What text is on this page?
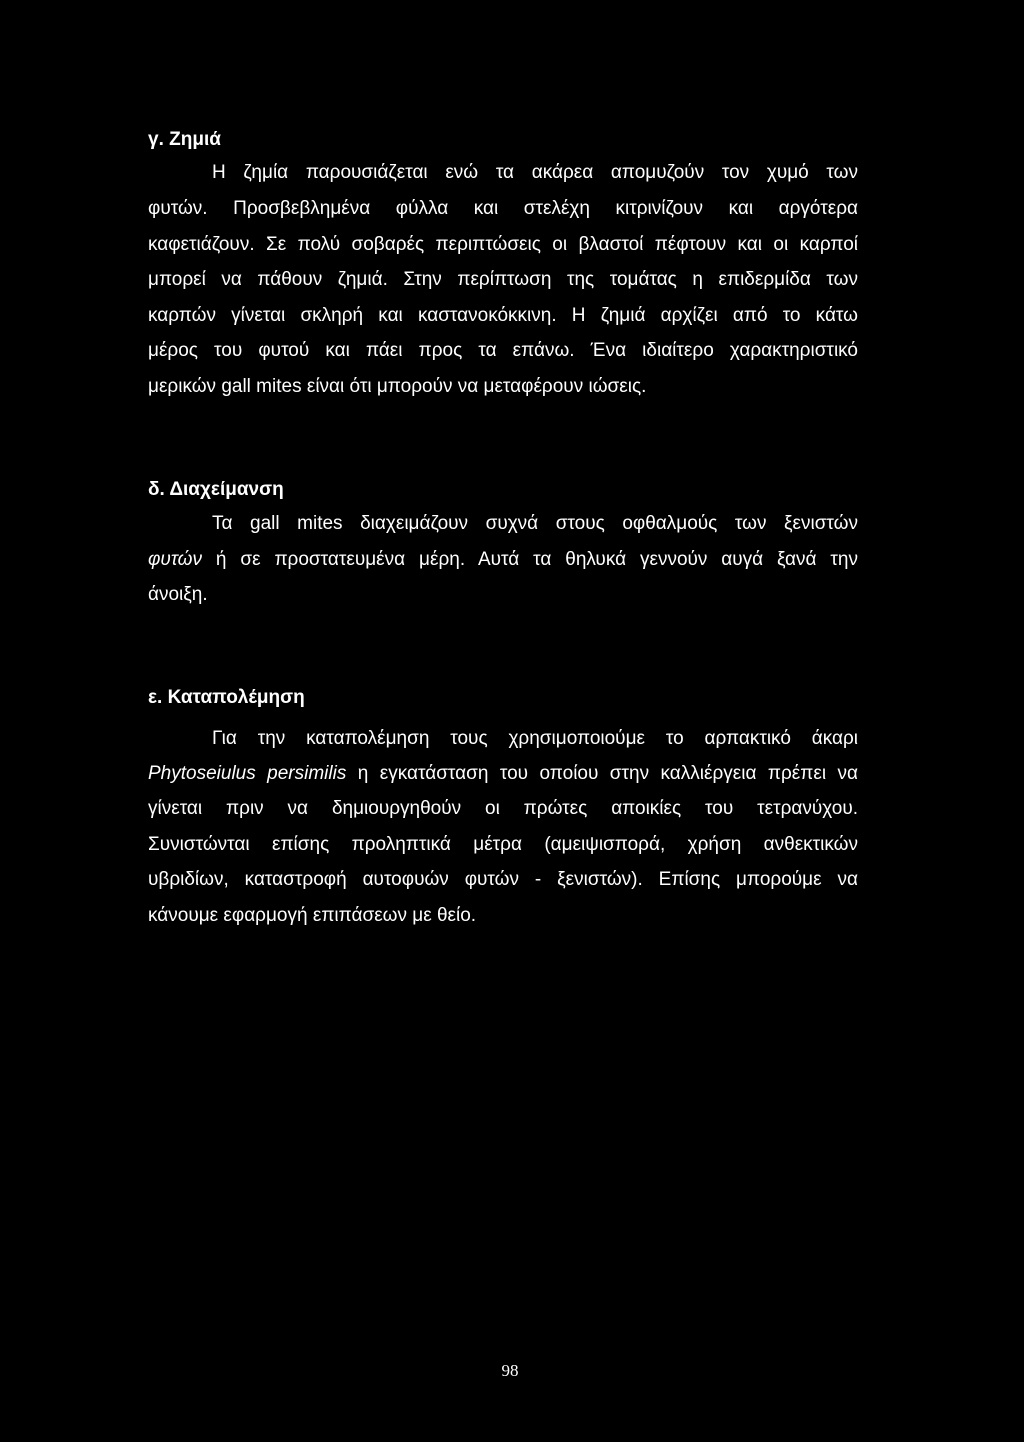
γ. Ζημιά

Η ζημία παρουσιάζεται ενώ τα ακάρεα απομυζούν τον χυμό των

φυτών. Προσβεβλημένα φύλλα και στελέχη κιτρινίζουν και αργότερα

καφετιάζουν. Σε πολύ σοβαρές περιπτώσεις οι βλαστοί πέφτουν και οι καρποί

μπορεί να πάθουν ζημιά. Στην περίπτωση της τομάτας η επιδερμίδα των

καρπών γίνεται σκληρή και καστανοκόκκινη. Η ζημιά αρχίζει από το κάτω

μέρος του φυτού και πάει προς τα επάνω. Ένα ιδιαίτερο χαρακτηριστικό

μερικών gall mites είναι ότι μπορούν να μεταφέρουν ιώσεις.

δ. Διαχείμανση

Τα gall mites διαχειμάζουν συχνά στους οφθαλμούς των ξενιστών

φυτών ή σε προστατευμένα μέρη. Αυτά τα θηλυκά γεννούν αυγά ξανά την

άνοιξη.

ε. Καταπολέμηση

Για την καταπολέμηση τους χρησιμοποιούμε το αρπακτικό άκαρι

Phytoseiulus persimilis η εγκατάσταση του οποίου στην καλλιέργεια πρέπει να

γίνεται πριν να δημιουργηθούν οι πρώτες αποικίες του τετρανύχου.

Συνιστώνται επίσης προληπτικά μέτρα (αμειψισπορά, χρήση ανθεκτικών

υβριδίων, καταστροφή αυτοφυών φυτών - ξενιστών). Επίσης μπορούμε να

κάνουμε εφαρμογή επιπάσεων με θείο.

98
